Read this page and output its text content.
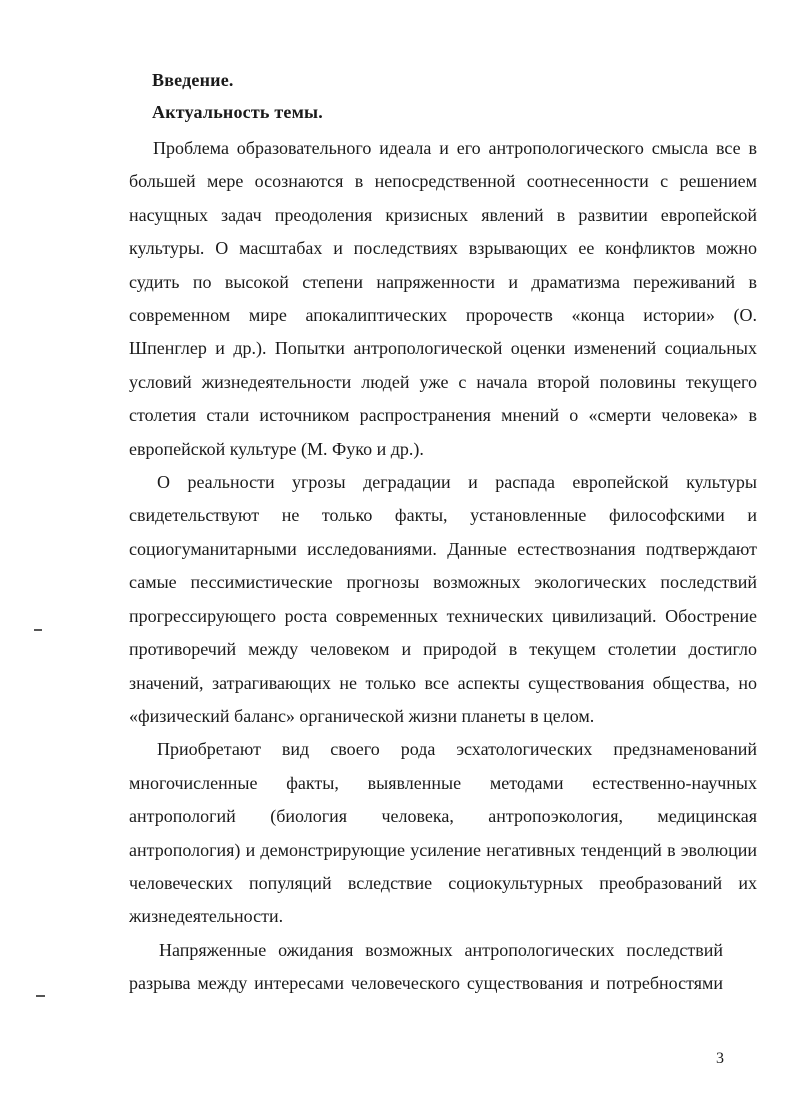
Введение.
Актуальность темы.
Проблема образовательного идеала и его антропологического смысла все в
большей мере осознаются в непосредственной соотнесенности с решением
насущных задач преодоления кризисных явлений в развитии европейской
культуры. О масштабах и последствиях взрывающих ее конфликтов можно
судить по высокой степени напряженности и драматизма переживаний в
современном мире апокалиптических пророчеств «конца истории» (О.
Шпенглер и др.). Попытки антропологической оценки изменений социальных
условий жизнедеятельности людей уже с начала второй половины текущего
столетия стали источником распространения мнений о «смерти человека» в
европейской культуре (М. Фуко и др.).
О реальности угрозы деградации и распада европейской культуры
свидетельствуют не только факты, установленные философскими и
социогуманитарными исследованиями. Данные естествознания подтверждают
самые пессимистические прогнозы возможных экологических последствий
прогрессирующего роста современных технических цивилизаций. Обострение
противоречий между человеком и природой в текущем столетии достигло
значений, затрагивающих не только все аспекты существования общества, но
«физический баланс» органической жизни планеты в целом.
Приобретают вид своего рода эсхатологических предзнаменований
многочисленные факты, выявленные методами естественно-научных
антропологий (биология человека, антропоэкология, медицинская
антропология) и демонстрирующие усиление негативных тенденций в эволюции
человеческих популяций вследствие социокультурных преобразований их
жизнедеятельности.
Напряженные ожидания возможных антропологических последствий
разрыва между интересами человеческого существования и потребностями
3
